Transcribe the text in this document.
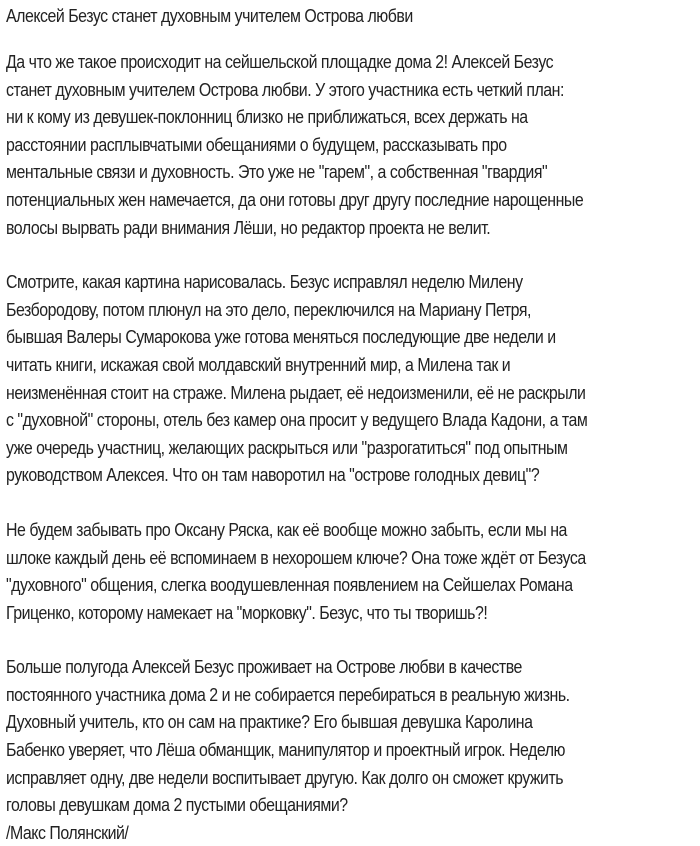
Алексей Безус станет духовным учителем Острова любви
Да что же такое происходит на сейшельской площадке дома 2! Алексей Безус
станет духовным учителем Острова любви. У этого участника есть четкий план:
ни к кому из девушек-поклонниц близко не приближаться, всех держать на
расстоянии расплывчатыми обещаниями о будущем, рассказывать про
ментальные связи и духовность. Это уже не "гарем", а собственная "гвардия"
потенциальных жен намечается, да они готовы друг другу последние нарощенные
волосы вырвать ради внимания Лёши, но редактор проекта не велит.
Смотрите, какая картина нарисовалась. Безус исправлял неделю Милену
Безбородову, потом плюнул на это дело, переключился на Мариану Петря,
бывшая Валеры Сумарокова уже готова меняться последующие две недели и
читать книги, искажая свой молдавский внутренний мир, а Милена так и
неизменённая стоит на страже. Милена рыдает, её недоизменили, её не раскрыли
с "духовной" стороны, отель без камер она просит у ведущего Влада Кадони, а там
уже очередь участниц, желающих раскрыться или "разрогатиться" под опытным
руководством Алексея. Что он там наворотил на "острове голодных девиц"?
Не будем забывать про Оксану Ряска, как её вообще можно забыть, если мы на
шлоке каждый день её вспоминаем в нехорошем ключе? Она тоже ждёт от Безуса
"духовного" общения, слегка воодушевленная появлением на Сейшелах Романа
Гриценко, которому намекает на "морковку". Безус, что ты творишь?!
Больше полугода Алексей Безус проживает на Острове любви в качестве
постоянного участника дома 2 и не собирается перебираться в реальную жизнь.
Духовный учитель, кто он сам на практике? Его бывшая девушка Каролина
Бабенко уверяет, что Лёша обманщик, манипулятор и проектный игрок. Неделю
исправляет одну, две недели воспитывает другую. Как долго он сможет кружить
головы девушкам дома 2 пустыми обещаниями?
/Макс Полянский/
